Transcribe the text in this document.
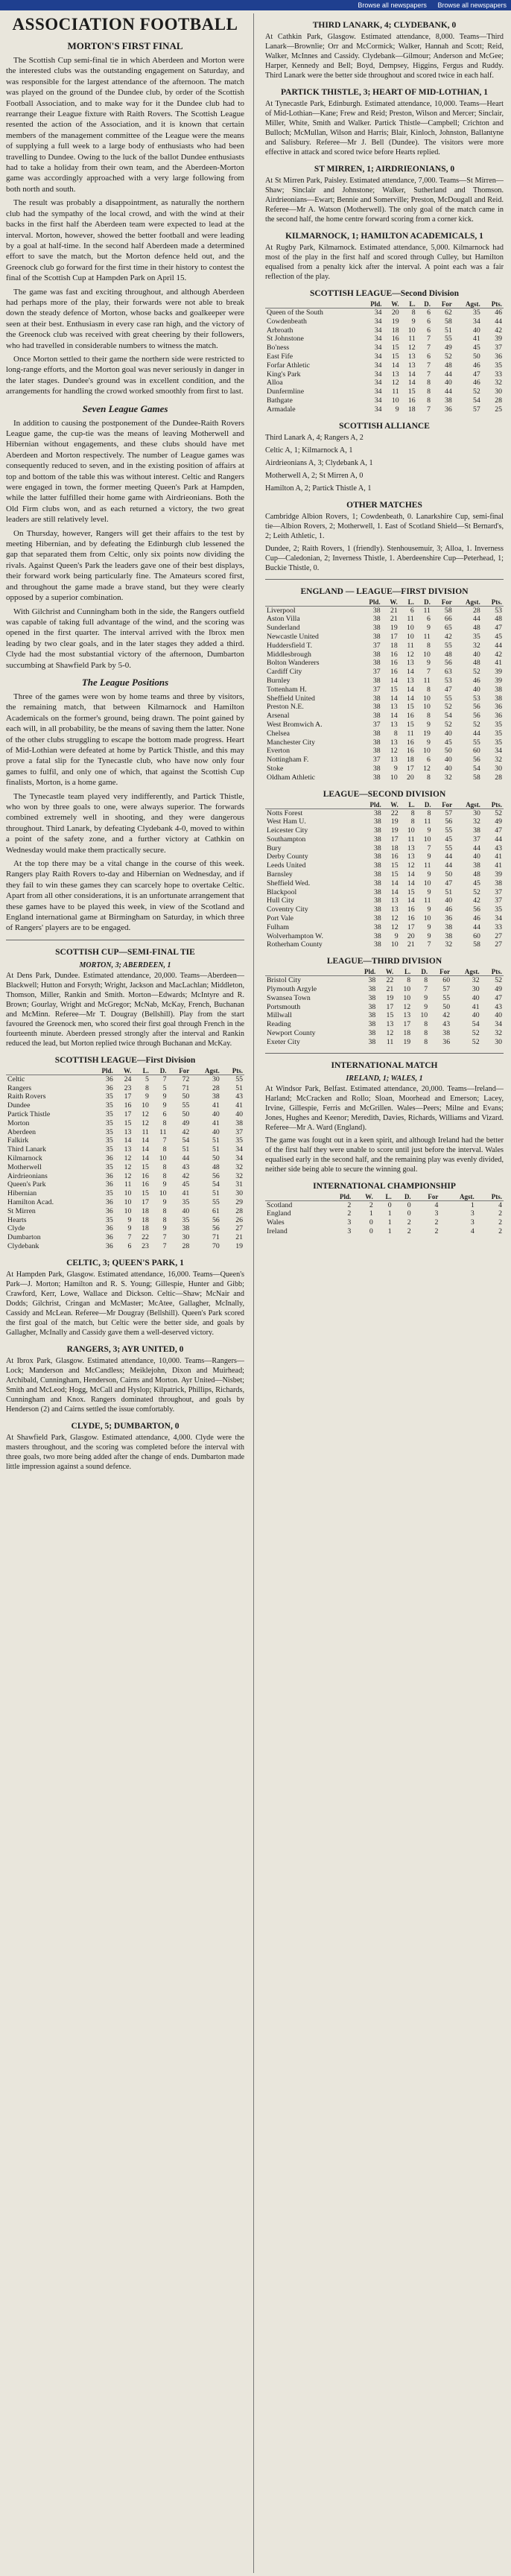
Browse all newspapers Browse all newspapers
ASSOCIATION FOOTBALL
MORTON'S FIRST FINAL

The Scottish Cup semi-final tie in which Aberdeen and Morton were the interested clubs was the outstanding engagement on Saturday, and was responsible for the largest attendance of the afternoon. The match was played on the ground of the Dundee club, by order of the Scottish Football Association, and to make way for it the Dundee club had to rearrange their League fixture with Raith Rovers. The Scottish League resented the action of the Association, and it is known that certain members of the management committee of the League were the means of supplying a full week to a large body of enthusiasts who had been travelling to Dundee. Owing to the luck of the ballot Dundee enthusiasts had to take a holiday from their own team, and the Aberdeen-Morton game was accordingly approached with a very large following from both north and south.

The result was probably a disappointment, as naturally the northern club had the sympathy of the local crowd, and with the wind at their backs in the first half the Aberdeen team were expected to lead at the interval. Morton, however, showed the better football and were leading by a goal at half-time. In the second half Aberdeen made a determined effort to save the match, but the Morton defence held out, and the Greenock club go forward for the first time in their history to contest the final of the Scottish Cup at Hampden Park on April 15.

The game was fast and exciting throughout, and although Aberdeen had perhaps more of the play, their forwards were not able to break down the steady defence of Morton, whose backs and goalkeeper were seen at their best. Enthusiasm in every case ran high, and the victory of the Greenock club was received with great cheering by their followers, who had travelled in considerable numbers to witness the match.

Once Morton settled to their game the northern side were restricted to long-range efforts, and the Morton goal was never seriously in danger in the later stages. Dundee's ground was in excellent condition, and the arrangements for handling the crowd worked smoothly from first to last.

Seven League Games

In addition to causing the postponement of the Dundee-Raith Rovers League game, the cup-tie was the means of leaving Motherwell and Hibernian without engagements, and these clubs should have met Aberdeen and Morton respectively. The number of League games was consequently reduced to seven, and in the existing position of affairs at top and bottom of the table this was without interest. Celtic and Rangers were engaged in town, the former meeting Queen's Park at Hampden, while the latter fulfilled their home game with Airdrieonians. Both the Old Firm clubs won, and as each returned a victory, the two great leaders are still relatively level.

On Thursday, however, Rangers will get their affairs to the test by meeting Hibernian, and by defeating the Edinburgh club lessened the gap that separated them from Celtic, only six points now dividing the rivals. Against Queen's Park the leaders gave one of their best displays, their forward work being particularly fine. The Amateurs scored first, and throughout the game made a brave stand, but they were clearly opposed by a superior combination.

With Gilchrist and Cunningham both in the side, the Rangers outfield was capable of taking full advantage of the wind, and the scoring was opened in the first quarter. The interval arrived with the Ibrox men leading by two clear goals, and in the later stages they added a third. Clyde had the most substantial victory of the afternoon, Dumbarton succumbing at Shawfield Park by 5-0.

The League Positions

Three of the games were won by home teams and three by visitors, the remaining match, that between Kilmarnock and Hamilton Academicals on the former's ground, being drawn. The point gained by each will, in all probability, be the means of saving them the latter. None of the other clubs struggling to escape the bottom made progress. Heart of Mid-Lothian were defeated at home by Partick Thistle, and this may prove a fatal slip for the Tynecastle club, who have now only four games to fulfil, and only one of which, that against the Scottish Cup finalists, Morton, is a home game.

The Tynecastle team played very indifferently, and Partick Thistle, who won by three goals to one, were always superior. The forwards combined extremely well in shooting, and they were dangerous throughout. Third Lanark, by defeating Clydebank 4-0, moved to within a point of the safety zone, and a further victory at Cathkin on Wednesday would make them practically secure.

At the top there may be a vital change in the course of this week. Rangers play Raith Rovers to-day and Hibernian on Wednesday, and if they fail to win these games they can scarcely hope to overtake Celtic. Apart from all other considerations, it is an unfortunate arrangement that these games have to be played this week, in view of the Scotland and England international game at Birmingham on Saturday, in which three of Rangers' players are to be engaged.

SCOTTISH CUP—SEMI-FINAL TIE
MORTON, 3; ABERDEEN, 1

At Dens Park, Dundee. Estimated attendance, 20,000. Teams—Aberdeen—Blackwell; Hutton and Forsyth; Wright, Jackson and MacLachlan; Middleton, Thomson, Miller, Rankin and Smith. Morton—Edwards; McIntyre and R. Brown; Gourlay, Wright and McGregor; McNab, McKay, French, Buchanan and McMinn. Referee—Mr T. Dougray (Bellshill). Play from the start favoured the Greenock men, who scored their first goal through French in the fourteenth minute. Aberdeen pressed strongly after the interval and Rankin reduced the lead, but Morton replied twice through Buchanan and McKay.

SCOTTISH LEAGUE—First Division
	Pld.	W.	L.	D.	For	Agst.	Pts.
Celtic	36	24	5	7	72	30	55
Rangers	36	23	8	5	71	28	51
Raith Rovers	35	17	9	9	50	38	43
Dundee	35	16	10	9	55	41	41
Partick Thistle	35	17	12	6	50	40	40
Morton	35	15	12	8	49	41	38
Aberdeen	35	13	11	11	42	40	37
Falkirk	35	14	14	7	54	51	35
Third Lanark	35	13	14	8	51	51	34
Kilmarnock	36	12	14	10	44	50	34
Motherwell	35	12	15	8	43	48	32
Airdrieonians	36	12	16	8	42	56	32
Queen's Park	36	11	16	9	45	54	31
Hibernian	35	10	15	10	41	51	30
Hamilton Acad.	36	10	17	9	35	55	29
St Mirren	36	10	18	8	40	61	28
Hearts	35	9	18	8	35	56	26
Clyde	36	9	18	9	38	56	27
Dumbarton	36	7	22	7	30	71	21
Clydebank	36	6	23	7	28	70	19
CELTIC, 3; QUEEN'S PARK, 1

At Hampden Park, Glasgow. Estimated attendance, 16,000. Teams—Queen's Park—J. Morton; Hamilton and R. S. Young; Gillespie, Hunter and Gibb; Crawford, Kerr, Lowe, Wallace and Dickson. Celtic—Shaw; McNair and Dodds; Gilchrist, Cringan and McMaster; McAtee, Gallagher, McInally, Cassidy and McLean. Referee—Mr Dougray (Bellshill). Queen's Park scored the first goal of the match, but Celtic were the better side, and goals by Gallagher, McInally and Cassidy gave them a well-deserved victory.

RANGERS, 3; AYR UNITED, 0

At Ibrox Park, Glasgow. Estimated attendance, 10,000. Teams—Rangers—Lock; Manderson and McCandless; Meiklejohn, Dixon and Muirhead; Archibald, Cunningham, Henderson, Cairns and Morton. Ayr United—Nisbet; Smith and McLeod; Hogg, McCall and Hyslop; Kilpatrick, Phillips, Richards, Cunningham and Knox. Rangers dominated throughout, and goals by Henderson (2) and Cairns settled the issue comfortably.

CLYDE, 5; DUMBARTON, 0

At Shawfield Park, Glasgow. Estimated attendance, 4,000. Clyde were the masters throughout, and the scoring was completed before the interval with three goals, two more being added after the change of ends. Dumbarton made little impression against a sound defence.

THIRD LANARK, 4; CLYDEBANK, 0

At Cathkin Park, Glasgow. Estimated attendance, 8,000. Teams—Third Lanark—Brownlie; Orr and McCormick; Walker, Hannah and Scott; Reid, Walker, McInnes and Cassidy. Clydebank—Gilmour; Anderson and McGee; Harper, Kennedy and Bell; Boyd, Dempsey, Higgins, Fergus and Ruddy. Third Lanark were the better side throughout and scored twice in each half.

PARTICK THISTLE, 3; HEART OF MID-LOTHIAN, 1

At Tynecastle Park, Edinburgh. Estimated attendance, 10,000. Teams—Heart of Mid-Lothian—Kane; Frew and Reid; Preston, Wilson and Mercer; Sinclair, Miller, White, Smith and Walker. Partick Thistle—Campbell; Crichton and Bulloch; McMullan, Wilson and Harris; Blair, Kinloch, Johnston, Ballantyne and Salisbury. Referee—Mr J. Bell (Dundee). The visitors were more effective in attack and scored twice before Hearts replied.

ST MIRREN, 1; AIRDRIEONIANS, 0

At St Mirren Park, Paisley. Estimated attendance, 7,000. Teams—St Mirren—Shaw; Sinclair and Johnstone; Walker, Sutherland and Thomson. Airdrieonians—Ewart; Bennie and Somerville; Preston, McDougall and Reid. Referee—Mr A. Watson (Motherwell). The only goal of the match came in the second half, the home centre forward scoring from a corner kick.

KILMARNOCK, 1; HAMILTON ACADEMICALS, 1

At Rugby Park, Kilmarnock. Estimated attendance, 5,000. Kilmarnock had most of the play in the first half and scored through Culley, but Hamilton equalised from a penalty kick after the interval. A point each was a fair reflection of the play.

SCOTTISH LEAGUE—Second Division
	Pld.	W.	L.	D.	For	Agst.	Pts.
Queen of the South	34	20	8	6	62	35	46
Cowdenbeath	34	19	9	6	58	34	44
Arbroath	34	18	10	6	51	40	42
St Johnstone	34	16	11	7	55	41	39
Bo'ness	34	15	12	7	49	45	37
East Fife	34	15	13	6	52	50	36
Forfar Athletic	34	14	13	7	48	46	35
King's Park	34	13	14	7	44	47	33
Alloa	34	12	14	8	40	46	32
Dunfermline	34	11	15	8	44	52	30
Bathgate	34	10	16	8	38	54	28
Armadale	34	9	18	7	36	57	25
SCOTTISH ALLIANCE

Third Lanark A, 4; Rangers A, 2

Celtic A, 1; Kilmarnock A, 1

Airdrieonians A, 3; Clydebank A, 1

Motherwell A, 2; St Mirren A, 0

Hamilton A, 2; Partick Thistle A, 1

OTHER MATCHES

Cambridge Albion Rovers, 1; Cowdenbeath, 0. Lanarkshire Cup, semi-final tie—Albion Rovers, 2; Motherwell, 1. East of Scotland Shield—St Bernard's, 2; Leith Athletic, 1.

Dundee, 2; Raith Rovers, 1 (friendly). Stenhousemuir, 3; Alloa, 1. Inverness Cup—Caledonian, 2; Inverness Thistle, 1. Aberdeenshire Cup—Peterhead, 1; Buckie Thistle, 0.

ENGLAND — LEAGUE—FIRST DIVISION
	Pld.	W.	L.	D.	For	Agst.	Pts.
Liverpool	38	21	6	11	58	28	53
Aston Villa	38	21	11	6	66	44	48
Sunderland	38	19	10	9	65	48	47
Newcastle United	38	17	10	11	42	35	45
Huddersfield T.	37	18	11	8	55	32	44
Middlesbrough	38	16	12	10	48	40	42
Bolton Wanderers	38	16	13	9	56	48	41
Cardiff City	37	16	14	7	63	52	39
Burnley	38	14	13	11	53	46	39
Tottenham H.	37	15	14	8	47	40	38
Sheffield United	38	14	14	10	55	53	38
Preston N.E.	38	13	15	10	52	56	36
Arsenal	38	14	16	8	54	56	36
West Bromwich A.	37	13	15	9	52	52	35
Chelsea	38	8	11	19	40	44	35
Manchester City	38	13	16	9	45	55	35
Everton	38	12	16	10	50	60	34
Nottingham F.	37	13	18	6	40	56	32
Stoke	38	9	17	12	40	54	30
Oldham Athletic	38	10	20	8	32	58	28
LEAGUE—SECOND DIVISION
	Pld.	W.	L.	D.	For	Agst.	Pts.
Notts Forest	38	22	8	8	57	30	52
West Ham U.	38	19	8	11	56	32	49
Leicester City	38	19	10	9	55	38	47
Southampton	38	17	11	10	45	37	44
Bury	38	18	13	7	55	44	43
Derby County	38	16	13	9	44	40	41
Leeds United	38	15	12	11	44	38	41
Barnsley	38	15	14	9	50	48	39
Sheffield Wed.	38	14	14	10	47	45	38
Blackpool	38	14	15	9	51	52	37
Hull City	38	13	14	11	40	42	37
Coventry City	38	13	16	9	46	56	35
Port Vale	38	12	16	10	36	46	34
Fulham	38	12	17	9	38	44	33
Wolverhampton W.	38	9	20	9	38	60	27
Rotherham County	38	10	21	7	32	58	27
LEAGUE—THIRD DIVISION
	Pld.	W.	L.	D.	For	Agst.	Pts.
Bristol City	38	22	8	8	60	32	52
Plymouth Argyle	38	21	10	7	57	30	49
Swansea Town	38	19	10	9	55	40	47
Portsmouth	38	17	12	9	50	41	43
Millwall	38	15	13	10	42	40	40
Reading	38	13	17	8	43	54	34
Newport County	38	12	18	8	38	52	32
Exeter City	38	11	19	8	36	52	30
INTERNATIONAL MATCH
IRELAND, 1; WALES, 1

At Windsor Park, Belfast. Estimated attendance, 20,000. Teams—Ireland—Harland; McCracken and Rollo; Sloan, Moorhead and Emerson; Lacey, Irvine, Gillespie, Ferris and McGrillen. Wales—Peers; Milne and Evans; Jones, Hughes and Keenor; Meredith, Davies, Richards, Williams and Vizard. Referee—Mr A. Ward (England).

The game was fought out in a keen spirit, and although Ireland had the better of the first half they were unable to score until just before the interval. Wales equalised early in the second half, and the remaining play was evenly divided, neither side being able to secure the winning goal.

INTERNATIONAL CHAMPIONSHIP
	Pld.	W.	L.	D.	For	Agst.	Pts.
Scotland	2	2	0	0	4	1	4
England	2	1	1	0	3	3	2
Wales	3	0	1	2	2	3	2
Ireland	3	0	1	2	2	4	2
